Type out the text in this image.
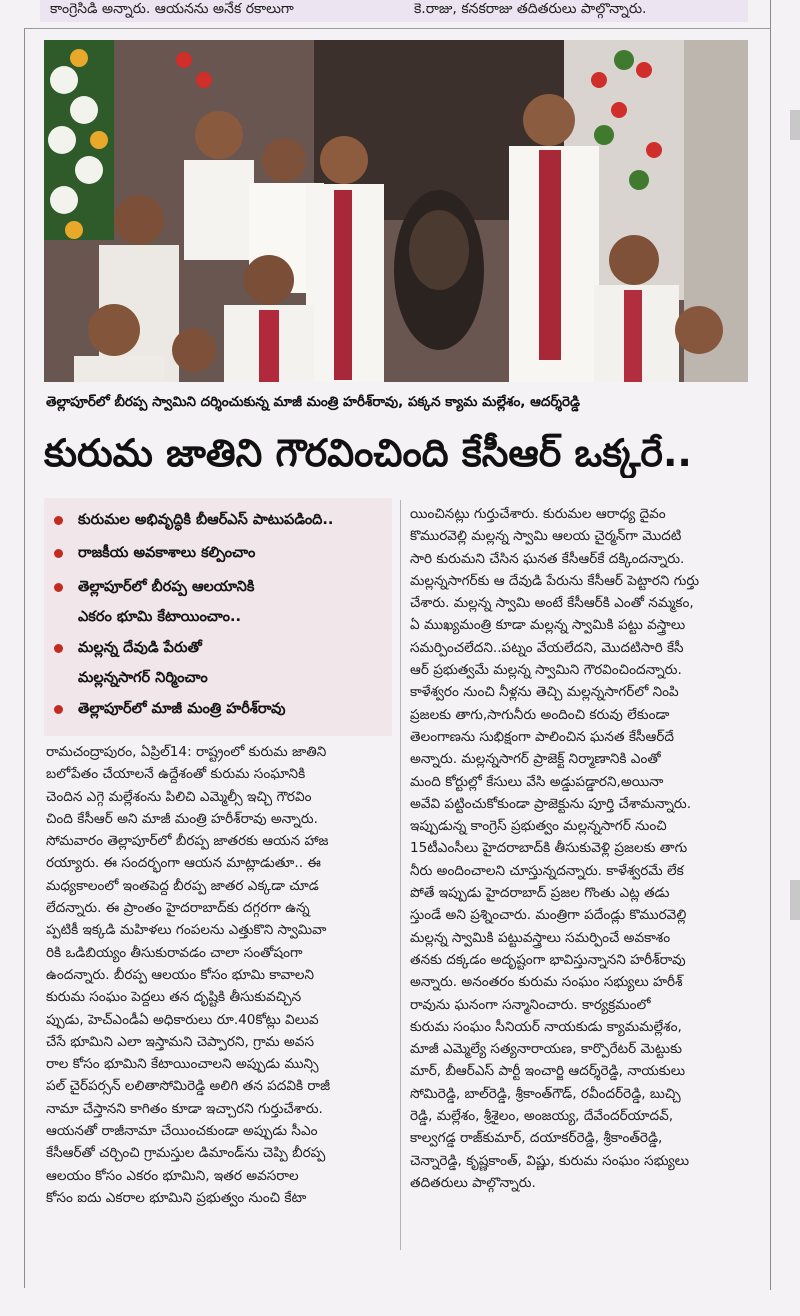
కాంగ్రెసిడి అన్నారు. ఆయనను అనేక రకాలుగా	కె.రాజు, కనకరాజు తదితరులు పాల్గొన్నారు.
తెల్లాపూర్‌లో బీరప్ప స్వామిని దర్శించుకున్న మాజీ మంత్రి హరీశ్‌రావు, పక్కన క్యామ మల్లేశం, ఆదర్శ్‌రెడ్డి
కురుమ జాతిని గౌరవించింది కేసీఆర్ ఒక్కరే..
కురుమల అభివృద్ధికి బీఆర్‌ఎస్ పాటుపడింది..
రాజకీయ అవకాశాలు కల్పించాం
తెల్లాపూర్‌లో బీరప్ప ఆలయానికి
ఎకరం భూమి కేటాయించాం..
మల్లన్న దేవుడి పేరుతో
మల్లన్నసాగర్ నిర్మించాం
తెల్లాపూర్‌లో మాజీ మంత్రి హరీశ్‌రావు
రామచంద్రాపురం, ఏప్రిల్14: రాష్ట్రంలో కురుమ జాతిని
బలోపేతం చేయాలనే ఉద్దేశంతో కురుమ సంఘానికి
చెందిన ఎగ్గె మల్లేశంను పిలిచి ఎమ్మెల్సీ ఇచ్చి గౌరవిం
చింది కేసీఆర్ అని మాజీ మంత్రి హరీశ్‌రావు అన్నారు.
సోమవారం తెల్లాపూర్‌లో బీరప్ప జాతరకు ఆయన హాజ
రయ్యారు. ఈ సందర్భంగా ఆయన మాట్లాడుతూ.. ఈ
మధ్యకాలంలో ఇంతపెద్ద బీరప్ప జాతర ఎక్కడా చూడ
లేదన్నారు. ఈ ప్రాంతం హైదరాబాద్‌కు దగ్గరగా ఉన్న
ప్పటికీ ఇక్కడి మహిళలు గంపలను ఎత్తుకొని స్వామివా
రికి ఒడిబియ్యం తీసుకురావడం చాలా సంతోషంగా
ఉందన్నారు. బీరప్ప ఆలయం కోసం భూమి కావాలని
కురుమ సంఘం పెద్దలు తన దృష్టికి తీసుకువచ్చిన
ప్పుడు, హెచ్‌ఎండీఏ అధికారులు రూ.40కోట్లు విలువ
చేసే భూమిని ఎలా ఇస్తామని చెప్పారని, గ్రామ అవస
రాల కోసం భూమిని కేటాయించాలని అప్పుడు మున్సి
పల్ చైర్‌పర్సన్ లలితాసోమిరెడ్డి అలిగి తన పదవికి రాజీ
నామా చేస్తానని కాగితం కూడా ఇచ్చారని గుర్తుచేశారు.
ఆయనతో రాజీనామా చేయించకుండా అప్పుడు సీఎం
కేసీఆర్‌తో చర్చించి గ్రామస్తుల డిమాండ్‌ను చెప్పి బీరప్ప
ఆలయం కోసం ఎకరం భూమిని, ఇతర అవసరాల
కోసం ఐదు ఎకరాల భూమిని ప్రభుత్వం నుంచి కేటా
యించినట్లు గుర్తుచేశారు. కురుమల ఆరాధ్య దైవం
కొమురవెల్లి మల్లన్న స్వామి ఆలయ చైర్మన్‌గా మొదటి
సారి కురుమని చేసిన ఘనత కేసీఆర్‌కే దక్కిందన్నారు.
మల్లన్నసాగర్‌కు ఆ దేవుడి పేరును కేసీఆర్ పెట్టారని గుర్తు
చేశారు. మల్లన్న స్వామి అంటే కేసీఆర్‌కి ఎంతో నమ్మకం,
ఏ ముఖ్యమంత్రి కూడా మల్లన్న స్వామికి పట్టు వస్త్రాలు
సమర్పించలేదని..పట్నం వేయలేదని, మొదటిసారి కేసీ
ఆర్ ప్రభుత్వమే మల్లన్న స్వామిని గౌరవించిందన్నారు.
కాళేశ్వరం నుంచి నీళ్లను తెచ్చి మల్లన్నసాగర్‌లో నింపి
ప్రజలకు తాగు,సాగునీరు అందించి కరువు లేకుండా
తెలంగాణను సుభిక్షంగా పాలించిన ఘనత కేసీఆర్‌దే
అన్నారు. మల్లన్నసాగర్ ప్రాజెక్ట్ నిర్మాణానికి ఎంతో
మంది కోర్టుల్లో కేసులు వేసి అడ్డుపడ్డారని,అయినా
అవేవి పట్టించుకోకుండా ప్రాజెక్టును పూర్తి చేశామన్నారు.
ఇప్పుడున్న కాంగ్రెస్ ప్రభుత్వం మల్లన్నసాగర్ నుంచి
15టీఎంసీలు హైదరాబాద్‌కి తీసుకువెళ్లి ప్రజలకు తాగు
నీరు అందించాలని చూస్తున్నదన్నారు. కాళేశ్వరమే లేక
పోతే ఇప్పుడు హైదరాబాద్ ప్రజల గొంతు ఎట్ల తడు
స్తుండే అని ప్రశ్నించారు. మంత్రిగా పదేండ్లు కొమురవెల్లి
మల్లన్న స్వామికి పట్టువస్త్రాలు సమర్పించే అవకాశం
తనకు దక్కడం అదృష్టంగా భావిస్తున్నానని హరీశ్‌రావు
అన్నారు. అనంతరం కురుమ సంఘం సభ్యులు హరీశ్
రావును ఘనంగా సన్మానించారు. కార్యక్రమంలో
కురుమ సంఘం సీనియర్ నాయకుడు క్యామమల్లేశం,
మాజీ ఎమ్మెల్యే సత్యనారాయణ, కార్పొరేటర్ మెట్టుకు
మార్, బీఆర్‌ఎస్ పార్టీ ఇంచార్జి ఆదర్శ్‌రెడ్డి, నాయకులు
సోమిరెడ్డి, బాల్‌రెడ్డి, శ్రీకాంత్‌గౌడ్, రవీందర్‌రెడ్డి, బుచ్చి
రెడ్డి, మల్లేశం, శ్రీశైలం, అంజయ్య, దేవేందర్‌యాదవ్,
కాల్వగడ్డ రాజ్‌కుమార్, దయాకర్‌రెడ్డి, శ్రీకాంత్‌రెడ్డి,
చెన్నారెడ్డి, కృష్ణకాంత్, విష్ణు, కురుమ సంఘం సభ్యులు
తదితరులు పాల్గొన్నారు.
